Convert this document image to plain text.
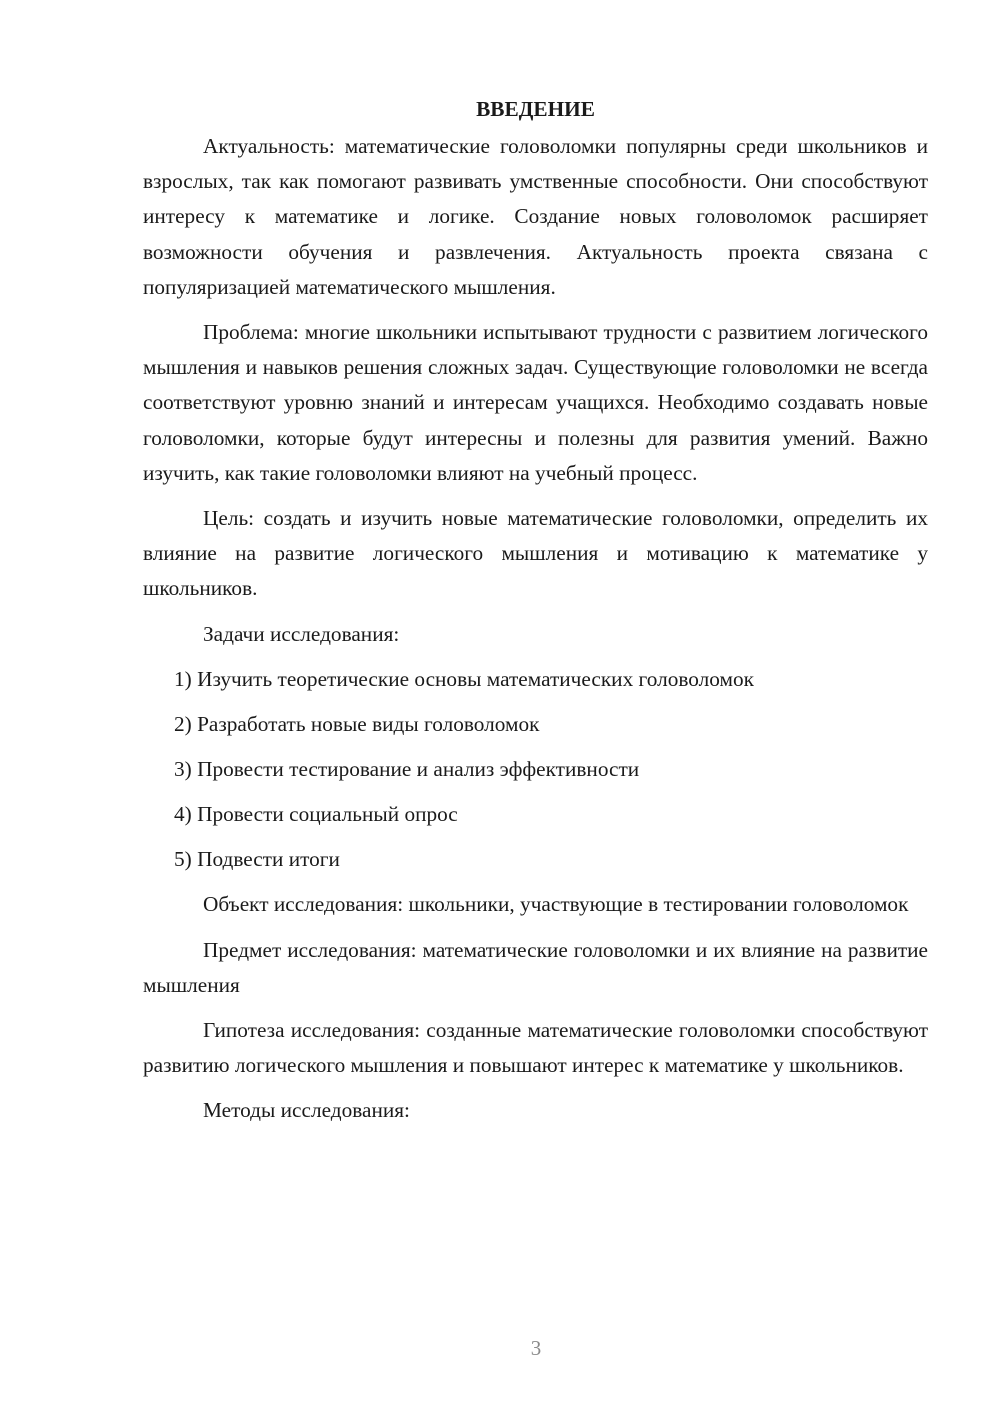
ВВЕДЕНИЕ

Актуальность: математические головоломки популярны среди школьников и взрослых, так как помогают развивать умственные способности. Они способствуют интересу к математике и логике. Создание новых головоломок расширяет возможности обучения и развлечения. Актуальность проекта связана с популяризацией математического мышления.

Проблема: многие школьники испытывают трудности с развитием логического мышления и навыков решения сложных задач. Существующие головоломки не всегда соответствуют уровню знаний и интересам учащихся. Необходимо создавать новые головоломки, которые будут интересны и полезны для развития умений. Важно изучить, как такие головоломки влияют на учебный процесс.

Цель: создать и изучить новые математические головоломки, определить их влияние на развитие логического мышления и мотивацию к математике у школьников.

Задачи исследования:

1) Изучить теоретические основы математических головоломок
2) Разработать новые виды головоломок
3) Провести тестирование и анализ эффективности
4) Провести социальный опрос
5) Подвести итоги

Объект исследования: школьники, участвующие в тестировании головоломок

Предмет исследования: математические головоломки и их влияние на развитие мышления

Гипотеза исследования: созданные математические головоломки способствуют развитию логического мышления и повышают интерес к математике у школьников.

Методы исследования:

3
